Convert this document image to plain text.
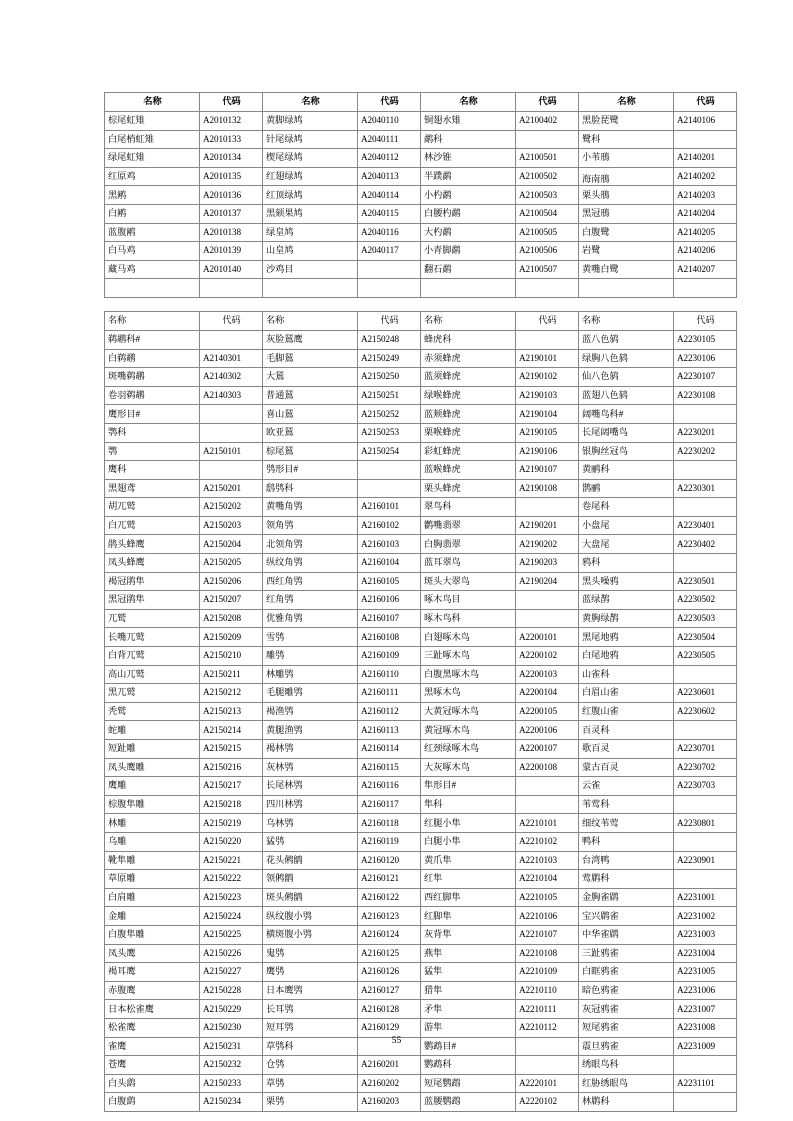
名称	代码	名称	代码	名称	代码	名称	代码
棕尾虹雉	A2010132	黄脚绿鸠	A2040110	铜翅水雉	A2100402	黑脸琵鹭	A2140106
白尾梢虹雉	A2010133	针尾绿鸠	A2040111	鹬科		鹭科	
绿尾虹雉	A2010134	楔尾绿鸠	A2040112	林沙锥	A2100501	小苇鳽	A2140201
红原鸡	A2010135	红翅绿鸠	A2040113	半蹼鹬	A2100502	海南鳽	A2140202
黑鹇	A2010136	红顶绿鸠	A2040114	小杓鹬	A2100503	栗头鳽	A2140203
白鹇	A2010137	黑颏果鸠	A2040115	白腰杓鹬	A2100504	黑冠鳽	A2140204
蓝腹鹇	A2010138	绿皇鸠	A2040116	大杓鹬	A2100505	白腹鹭	A2140205
白马鸡	A2010139	山皇鸠	A2040117	小青脚鹬	A2100506	岩鹭	A2140206
藏马鸡	A2010140	沙鸡目		翻石鹬	A2100507	黄嘴白鹭	A2140207

名称	代码	名称	代码	名称	代码	名称	代码
鹈鹕科#		灰脸鵟鹰	A2150248	蜂虎科		蓝八色鸫	A2230105
白鹈鹕	A2140301	毛脚鵟	A2150249	赤须蜂虎	A2190101	绿胸八色鸫	A2230106
斑嘴鹈鹕	A2140302	大鵟	A2150250	蓝须蜂虎	A2190102	仙八色鸫	A2230107
卷羽鹈鹕	A2140303	普通鵟	A2150251	绿喉蜂虎	A2190103	蓝翅八色鸫	A2230108
鹰形目#		喜山鵟	A2150252	蓝颊蜂虎	A2190104	阔嘴鸟科#	
鹗科		欧亚鵟	A2150253	栗喉蜂虎	A2190105	长尾阔嘴鸟	A2230201
鹗	A2150101	棕尾鵟	A2150254	彩虹蜂虎	A2190106	银胸丝冠鸟	A2230202
鹰科		鸮形目#		蓝喉蜂虎	A2190107	黄鹂科	
黑翅鸢	A2150201	鸱鸮科		栗头蜂虎	A2190108	鹊鹂	A2230301
胡兀鹫	A2150202	黄嘴角鸮	A2160101	翠鸟科		卷尾科	
白兀鹫	A2150203	领角鸮	A2160102	鹳嘴翡翠	A2190201	小盘尾	A2230401
鹃头蜂鹰	A2150204	北领角鸮	A2160103	白胸翡翠	A2190202	大盘尾	A2230402
凤头蜂鹰	A2150205	纵纹角鸮	A2160104	蓝耳翠鸟	A2190203	鸦科	
褐冠鹃隼	A2150206	西红角鸮	A2160105	斑头大翠鸟	A2190204	黑头噪鸦	A2230501
黑冠鹃隼	A2150207	红角鸮	A2160106	啄木鸟目		蓝绿鹊	A2230502
兀鹫	A2150208	优雅角鸮	A2160107	啄木鸟科		黄胸绿鹊	A2230503
长嘴兀鹫	A2150209	雪鸮	A2160108	白翅啄木鸟	A2200101	黑尾地鸦	A2230504
白背兀鹫	A2150210	雕鸮	A2160109	三趾啄木鸟	A2200102	白尾地鸦	A2230505
高山兀鹫	A2150211	林雕鸮	A2160110	白腹黑啄木鸟	A2200103	山雀科	
黑兀鹫	A2150212	毛腿雕鸮	A2160111	黑啄木鸟	A2200104	白眉山雀	A2230601
秃鹫	A2150213	褐渔鸮	A2160112	大黄冠啄木鸟	A2200105	红腹山雀	A2230602
蛇雕	A2150214	黄腿渔鸮	A2160113	黄冠啄木鸟	A2200106	百灵科	
短趾雕	A2150215	褐林鸮	A2160114	红颈绿啄木鸟	A2200107	歌百灵	A2230701
凤头鹰雕	A2150216	灰林鸮	A2160115	大灰啄木鸟	A2200108	蒙古百灵	A2230702
鹰雕	A2150217	长尾林鸮	A2160116	隼形目#		云雀	A2230703
棕腹隼雕	A2150218	四川林鸮	A2160117	隼科		苇莺科	
林雕	A2150219	乌林鸮	A2160118	红腿小隼	A2210101	细纹苇莺	A2230801
乌雕	A2150220	猛鸮	A2160119	白腿小隼	A2210102	鸭科	
靴隼雕	A2150221	花头鸺鹠	A2160120	黄爪隼	A2210103	台湾鸭	A2230901
草原雕	A2150222	领鸺鹠	A2160121	红隼	A2210104	莺鹛科	
白肩雕	A2150223	斑头鸺鹠	A2160122	西红脚隼	A2210105	金胸雀鹛	A2231001
金雕	A2150224	纵纹腹小鸮	A2160123	红脚隼	A2210106	宝兴鹛雀	A2231002
白腹隼雕	A2150225	横斑腹小鸮	A2160124	灰背隼	A2210107	中华雀鹛	A2231003
凤头鹰	A2150226	鬼鸮	A2160125	燕隼	A2210108	三趾鸦雀	A2231004
褐耳鹰	A2150227	鹰鸮	A2160126	猛隼	A2210109	白眶鸦雀	A2231005
赤腹鹰	A2150228	日本鹰鸮	A2160127	猎隼	A2210110	暗色鸦雀	A2231006
日本松雀鹰	A2150229	长耳鸮	A2160128	矛隼	A2210111	灰冠鸦雀	A2231007
松雀鹰	A2150230	短耳鸮	A2160129	游隼	A2210112	短尾鸦雀	A2231008
雀鹰	A2150231	草鸮科		鹦鹉目#		震旦鸦雀	A2231009
苍鹰	A2150232	仓鸮	A2160201	鹦鹉科		绣眼鸟科	
白头鹞	A2150233	草鸮	A2160202	短尾鹦鹉	A2220101	红胁绣眼鸟	A2231101
白腹鹞	A2150234	栗鸮	A2160203	蓝腰鹦鹉	A2220102	林鹛科	
55
